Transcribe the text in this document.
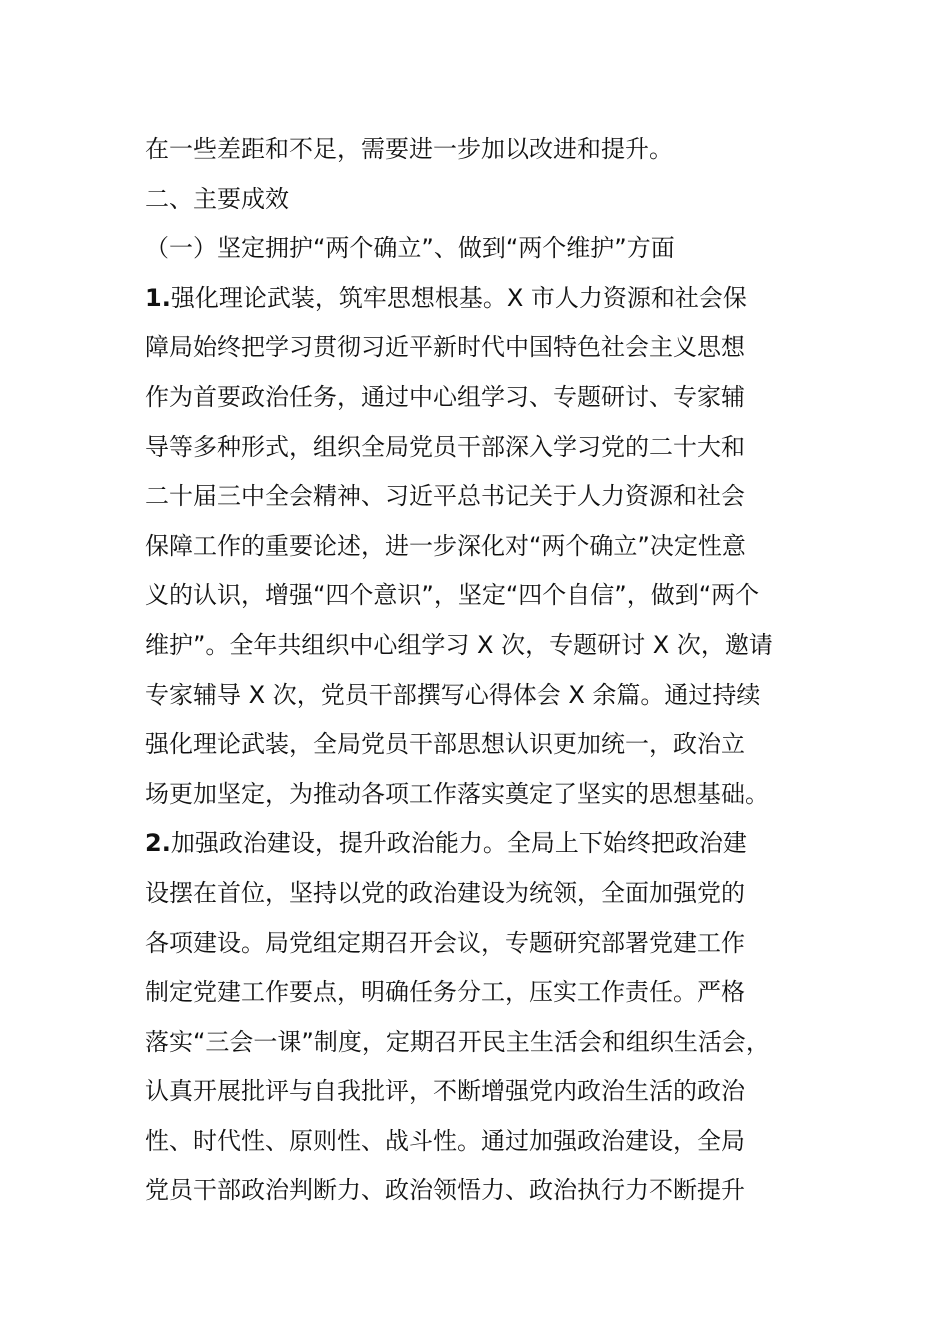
在一些差距和不足，需要进一步加以改进和提升。
二、主要成效
（一）坚定拥护“两个确立”、做到“两个维护”方面
1.强化理论武装，筑牢思想根基。X 市人力资源和社会保
障局始终把学习贯彻习近平新时代中国特色社会主义思想
作为首要政治任务，通过中心组学习、专题研讨、专家辅
导等多种形式，组织全局党员干部深入学习党的二十大和
二十届三中全会精神、习近平总书记关于人力资源和社会
保障工作的重要论述，进一步深化对“两个确立”决定性意
义的认识，增强“四个意识”，坚定“四个自信”，做到“两个
维护”。全年共组织中心组学习 X 次，专题研讨 X 次，邀请
专家辅导 X 次，党员干部撰写心得体会 X 余篇。通过持续
强化理论武装，全局党员干部思想认识更加统一，政治立
场更加坚定，为推动各项工作落实奠定了坚实的思想基础。
2.加强政治建设，提升政治能力。全局上下始终把政治建
设摆在首位，坚持以党的政治建设为统领，全面加强党的
各项建设。局党组定期召开会议，专题研究部署党建工作
制定党建工作要点，明确任务分工，压实工作责任。严格
落实“三会一课”制度，定期召开民主生活会和组织生活会，
认真开展批评与自我批评，不断增强党内政治生活的政治
性、时代性、原则性、战斗性。通过加强政治建设，全局
党员干部政治判断力、政治领悟力、政治执行力不断提升
